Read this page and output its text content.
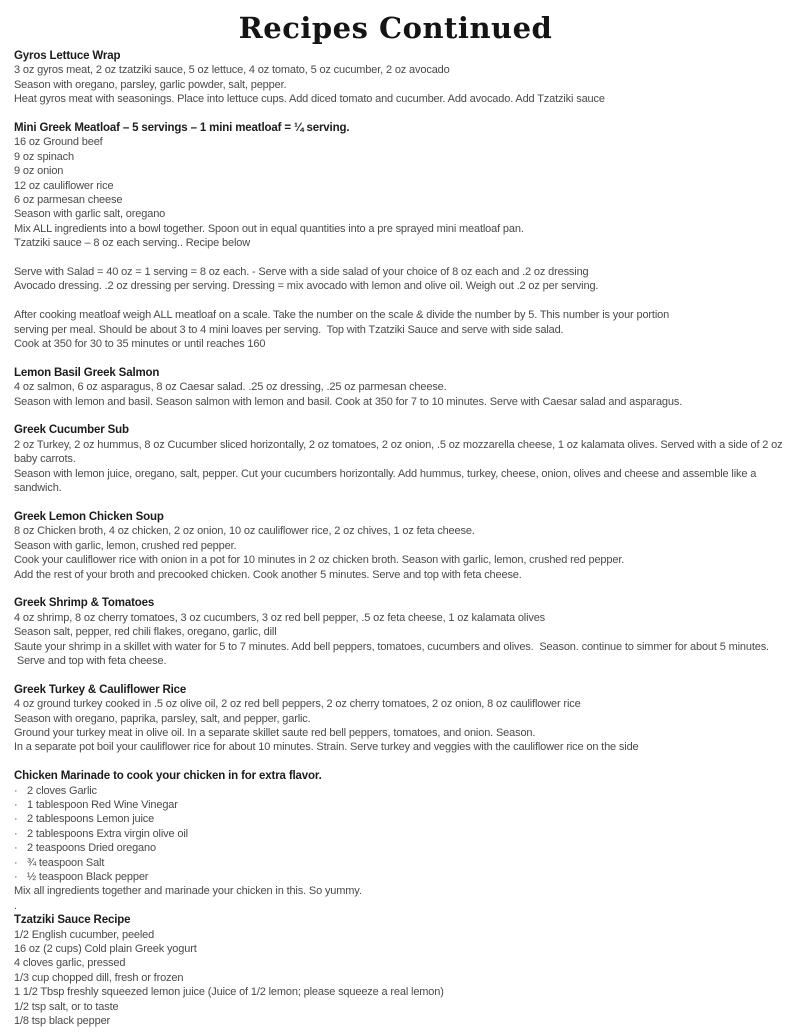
Recipes Continued
Gyros Lettuce Wrap
3 oz gyros meat, 2 oz tzatziki sauce, 5 oz lettuce, 4 oz tomato, 5 oz cucumber, 2 oz avocado
Season with oregano, parsley, garlic powder, salt, pepper.
Heat gyros meat with seasonings. Place into lettuce cups. Add diced tomato and cucumber. Add avocado. Add Tzatziki sauce
Mini Greek Meatloaf – 5 servings – 1 mini meatloaf = ¼ serving.
16 oz Ground beef
9 oz spinach
9 oz onion
12 oz cauliflower rice
6 oz parmesan cheese
Season with garlic salt, oregano
Mix ALL ingredients into a bowl together. Spoon out in equal quantities into a pre sprayed mini meatloaf pan.
Tzatziki sauce – 8 oz each serving.. Recipe below
Serve with Salad = 40 oz = 1 serving = 8 oz each. - Serve with a side salad of your choice of 8 oz each and .2 oz dressing
Avocado dressing. .2 oz dressing per serving. Dressing = mix avocado with lemon and olive oil. Weigh out .2 oz per serving.
After cooking meatloaf weigh ALL meatloaf on a scale. Take the number on the scale & divide the number by 5. This number is your portion
serving per meal. Should be about 3 to 4 mini loaves per serving.  Top with Tzatziki Sauce and serve with side salad.
Cook at 350 for 30 to 35 minutes or until reaches 160
Lemon Basil Greek Salmon
4 oz salmon, 6 oz asparagus, 8 oz Caesar salad. .25 oz dressing, .25 oz parmesan cheese.
Season with lemon and basil. Season salmon with lemon and basil. Cook at 350 for 7 to 10 minutes. Serve with Caesar salad and asparagus.
Greek Cucumber Sub
2 oz Turkey, 2 oz hummus, 8 oz Cucumber sliced horizontally, 2 oz tomatoes, 2 oz onion, .5 oz mozzarella cheese, 1 oz kalamata olives. Served with a side of 2 oz
baby carrots.
Season with lemon juice, oregano, salt, pepper. Cut your cucumbers horizontally. Add hummus, turkey, cheese, onion, olives and cheese and assemble like a
sandwich.
Greek Lemon Chicken Soup
8 oz Chicken broth, 4 oz chicken, 2 oz onion, 10 oz cauliflower rice, 2 oz chives, 1 oz feta cheese.
Season with garlic, lemon, crushed red pepper.
Cook your cauliflower rice with onion in a pot for 10 minutes in 2 oz chicken broth. Season with garlic, lemon, crushed red pepper.
Add the rest of your broth and precooked chicken. Cook another 5 minutes. Serve and top with feta cheese.
Greek Shrimp & Tomatoes
4 oz shrimp, 8 oz cherry tomatoes, 3 oz cucumbers, 3 oz red bell pepper, .5 oz feta cheese, 1 oz kalamata olives
Season salt, pepper, red chili flakes, oregano, garlic, dill
Saute your shrimp in a skillet with water for 5 to 7 minutes. Add bell peppers, tomatoes, cucumbers and olives.  Season. continue to simmer for about 5 minutes.
Serve and top with feta cheese.
Greek Turkey & Cauliflower Rice
4 oz ground turkey cooked in .5 oz olive oil, 2 oz red bell peppers, 2 oz cherry tomatoes, 2 oz onion, 8 oz cauliflower rice
Season with oregano, paprika, parsley, salt, and pepper, garlic.
Ground your turkey meat in olive oil. In a separate skillet saute red bell peppers, tomatoes, and onion. Season.
In a separate pot boil your cauliflower rice for about 10 minutes. Strain. Serve turkey and veggies with the cauliflower rice on the side
Chicken Marinade to cook your chicken in for extra flavor.
· 2 cloves Garlic
· 1 tablespoon Red Wine Vinegar
· 2 tablespoons Lemon juice
· 2 tablespoons Extra virgin olive oil
· 2 teaspoons Dried oregano
· ¾ teaspoon Salt
· ½ teaspoon Black pepper
Mix all ingredients together and marinade your chicken in this. So yummy.
.
Tzatziki Sauce Recipe
1/2 English cucumber, peeled
16 oz (2 cups) Cold plain Greek yogurt
4 cloves garlic, pressed
1/3 cup chopped dill, fresh or frozen
1 1/2 Tbsp freshly squeezed lemon juice (Juice of 1/2 lemon; please squeeze a real lemon)
1/2 tsp salt, or to taste
1/8 tsp black pepper
